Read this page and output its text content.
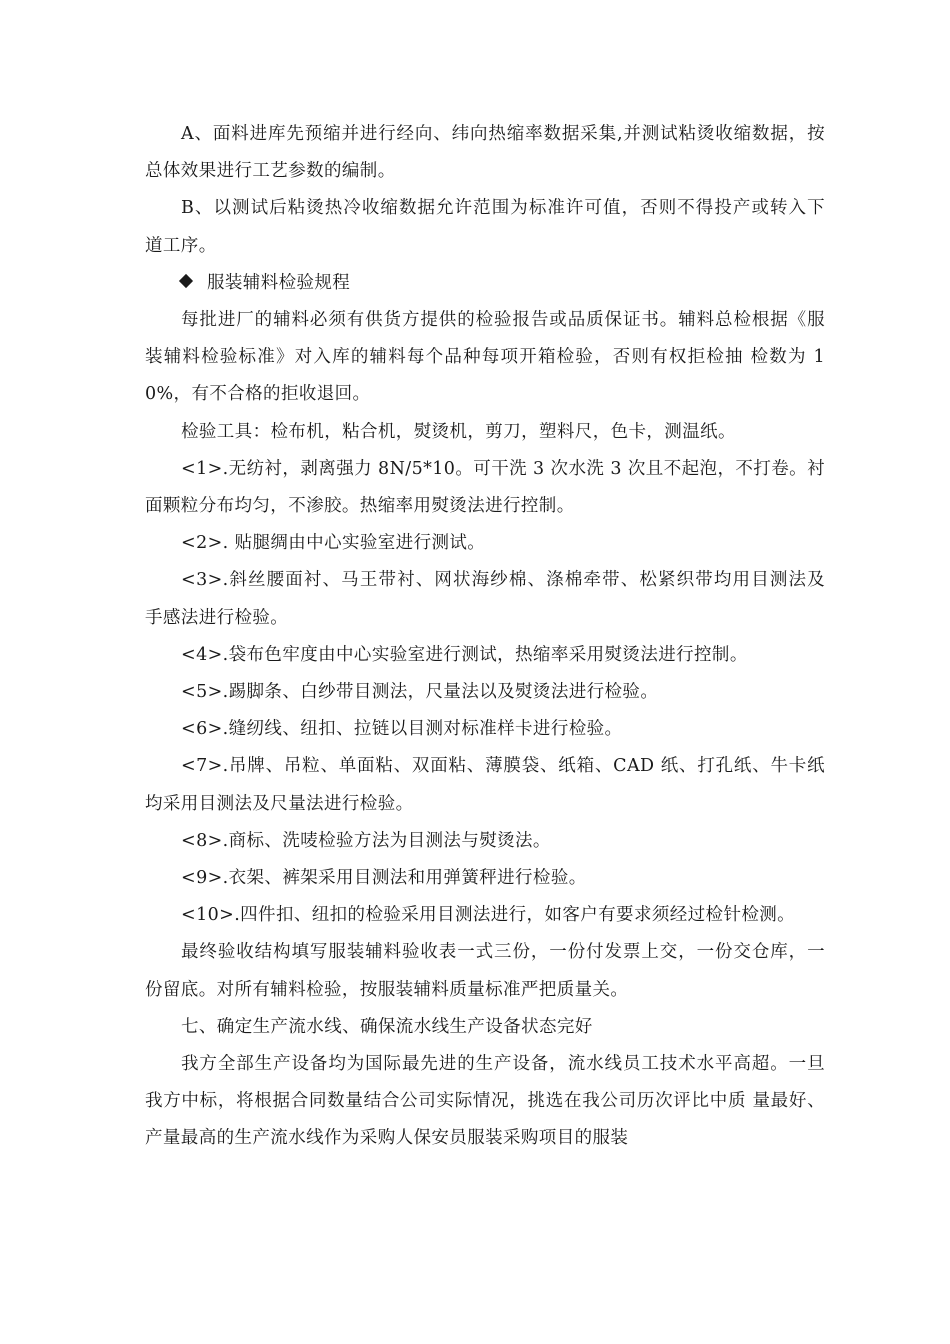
A、面料进库先预缩并进行经向、纬向热缩率数据采集,并测试粘烫收缩数据，按 总体效果进行工艺参数的编制。

B、以测试后粘烫热冷收缩数据允许范围为标准许可值，否则不得投产或转入下 道工序。

服装辅料检验规程

每批进厂的辅料必须有供货方提供的检验报告或品质保证书。辅料总检根据《服装辅料检验标准》对入库的辅料每个品种每项开箱检验，否则有权拒检抽 检数为 10%，有不合格的拒收退回。

检验工具：检布机，粘合机，熨烫机，剪刀，塑料尺，色卡，测温纸。

<1>.无纺衬，剥离强力 8N/5*10。可干洗 3 次水洗 3 次且不起泡，不打卷。衬 面颗粒分布均匀，不渗胶。热缩率用熨烫法进行控制。

<2>. 贴腿绸由中心实验室进行测试。

<3>.斜丝腰面衬、马王带衬、网状海纱棉、涤棉牵带、松紧织带均用目测法及 手感法进行检验。

<4>.袋布色牢度由中心实验室进行测试，热缩率采用熨烫法进行控制。

<5>.踢脚条、白纱带目测法，尺量法以及熨烫法进行检验。

<6>.缝纫线、纽扣、拉链以目测对标准样卡进行检验。

<7>.吊牌、吊粒、单面粘、双面粘、薄膜袋、纸箱、CAD 纸、打孔纸、牛卡纸 均采用目测法及尺量法进行检验。

<8>.商标、洗唛检验方法为目测法与熨烫法。

<9>.衣架、裤架采用目测法和用弹簧秤进行检验。

<10>.四件扣、纽扣的检验采用目测法进行，如客户有要求须经过检针检测。

最终验收结构填写服装辅料验收表一式三份，一份付发票上交，一份交仓库，一份留底。对所有辅料检验，按服装辅料质量标准严把质量关。

七、确定生产流水线、确保流水线生产设备状态完好

我方全部生产设备均为国际最先进的生产设备，流水线员工技术水平高超。一旦我方中标，将根据合同数量结合公司实际情况，挑选在我公司历次评比中质 量最好、产量最高的生产流水线作为采购人保安员服装采购项目的服装
